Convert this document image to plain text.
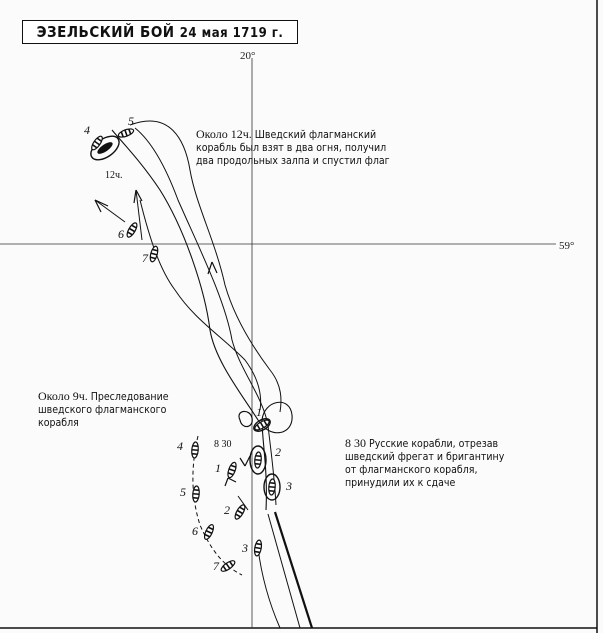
ЭЗЕЛЬСКИЙ БОЙ 24 мая 1719 г.
20°
59°
4
5
6
7
12ч.
4
5
6
7
1
2
3
1
2
3
8 30
Около 12ч. Шведский флагманский корабль был взят в два огня, получил два продольных залпа и спустил флаг
Около 9ч. Преследование шведского флагманского корабля
8 30 Русские корабли, отрезав шведский фрегат и бригантину от флагманского корабля, принудили их к сдаче
